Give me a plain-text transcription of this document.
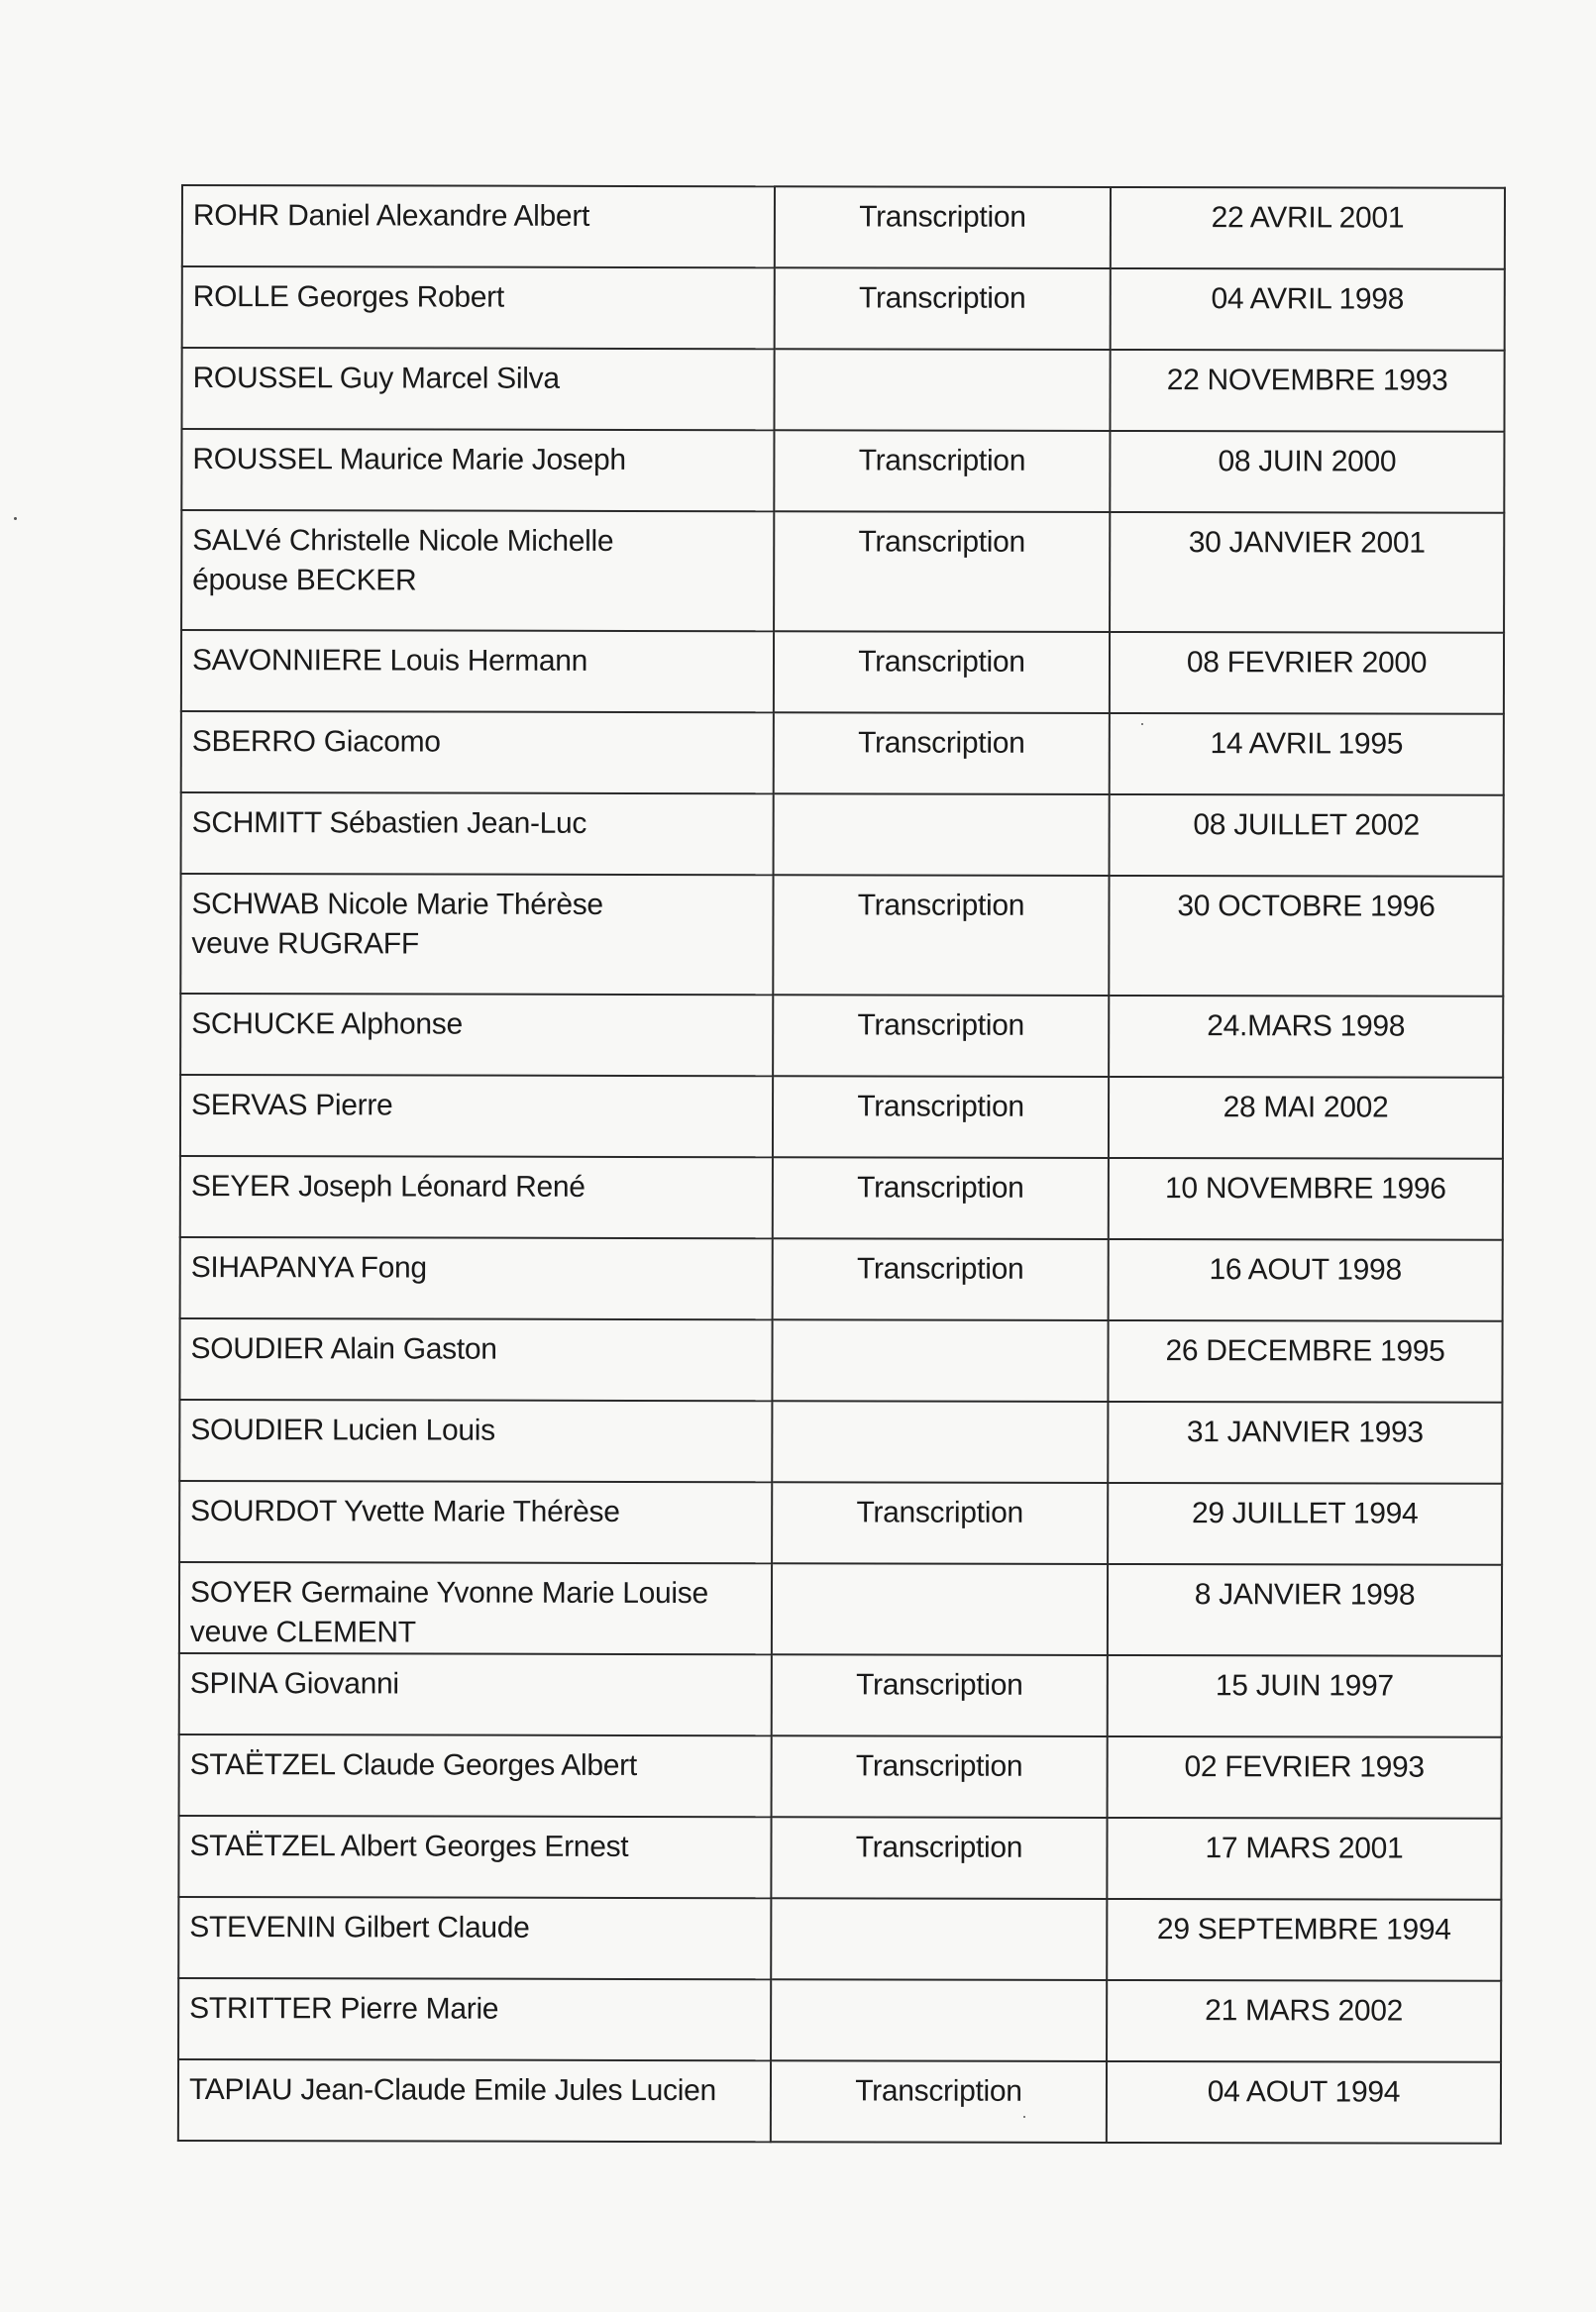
ROHR Daniel Alexandre Albert	Transcription	22 AVRIL 2001

ROLLE Georges Robert	Transcription	04 AVRIL 1998

ROUSSEL Guy Marcel Silva		22 NOVEMBRE 1993

ROUSSEL Maurice Marie Joseph	Transcription	08 JUIN 2000

SALVé Christelle Nicole Michelle
épouse BECKER	Transcription	30 JANVIER 2001

SAVONNIERE Louis Hermann	Transcription	08 FEVRIER 2000

SBERRO Giacomo	Transcription	14 AVRIL 1995

SCHMITT Sébastien Jean-Luc		08 JUILLET 2002

SCHWAB Nicole Marie Thérèse
veuve RUGRAFF	Transcription	30 OCTOBRE 1996

SCHUCKE Alphonse	Transcription	24.MARS 1998

SERVAS Pierre	Transcription	28 MAI 2002

SEYER Joseph Léonard René	Transcription	10 NOVEMBRE 1996

SIHAPANYA Fong	Transcription	16 AOUT 1998

SOUDIER Alain Gaston		26 DECEMBRE 1995

SOUDIER Lucien Louis		31 JANVIER 1993

SOURDOT Yvette Marie Thérèse	Transcription	29 JUILLET 1994

SOYER Germaine Yvonne Marie Louise
veuve CLEMENT		8 JANVIER 1998

SPINA Giovanni	Transcription	15 JUIN 1997

STAËTZEL Claude Georges Albert	Transcription	02 FEVRIER 1993

STAËTZEL Albert Georges Ernest	Transcription	17 MARS 2001

STEVENIN Gilbert Claude		29 SEPTEMBRE 1994

STRITTER Pierre Marie		21 MARS 2002

TAPIAU Jean-Claude Emile Jules Lucien	Transcription	04 AOUT 1994
